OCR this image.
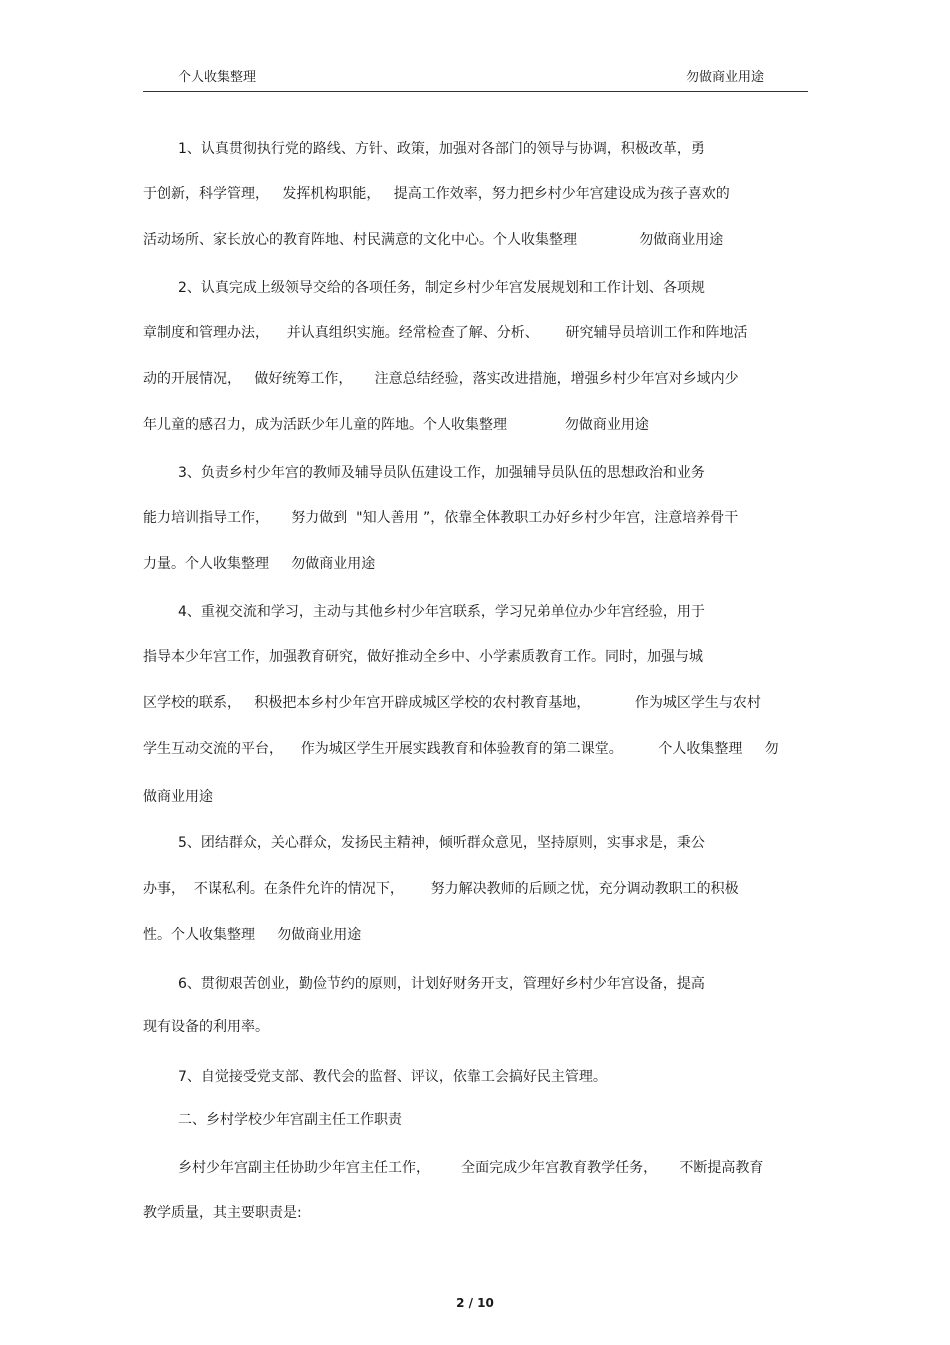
个人收集整理	勿做商业用途
1、认真贯彻执行党的路线、方针、政策，加强对各部门的领导与协调，积极改革，勇
于创新，科学管理，   发挥机构职能，   提高工作效率，努力把乡村少年宫建设成为孩子喜欢的
活动场所、家长放心的教育阵地、村民满意的文化中心。个人收集整理              勿做商业用途
2、认真完成上级领导交给的各项任务，制定乡村少年宫发展规划和工作计划、各项规
章制度和管理办法，    并认真组织实施。经常检查了解、分析、      研究辅导员培训工作和阵地活
动的开展情况，   做好统筹工作，     注意总结经验，落实改进措施，增强乡村少年宫对乡域内少
年儿童的感召力，成为活跃少年儿童的阵地。个人收集整理             勿做商业用途
3、负责乡村少年宫的教师及辅导员队伍建设工作，加强辅导员队伍的思想政治和业务
能力培训指导工作，     努力做到  "知人善用 ”，依靠全体教职工办好乡村少年宫，注意培养骨干
力量。个人收集整理     勿做商业用途
4、重视交流和学习，主动与其他乡村少年宫联系，学习兄弟单位办少年宫经验，用于
指导本少年宫工作，加强教育研究，做好推动全乡中、小学素质教育工作。同时，加强与城
区学校的联系，   积极把本乡村少年宫开辟成城区学校的农村教育基地，          作为城区学生与农村
学生互动交流的平台，    作为城区学生开展实践教育和体验教育的第二课堂。        个人收集整理     勿
做商业用途
5、团结群众，关心群众，发扬民主精神，倾听群众意见，坚持原则，实事求是，秉公
办事，  不谋私利。在条件允许的情况下，      努力解决教师的后顾之忧，充分调动教职工的积极
性。个人收集整理     勿做商业用途
6、贯彻艰苦创业，勤俭节约的原则，计划好财务开支，管理好乡村少年宫设备，提高
现有设备的利用率。
7、自觉接受党支部、教代会的监督、评议，依靠工会搞好民主管理。
二、乡村学校少年宫副主任工作职责
乡村少年宫副主任协助少年宫主任工作，       全面完成少年宫教育教学任务，     不断提高教育
教学质量，其主要职责是:
2 / 10
